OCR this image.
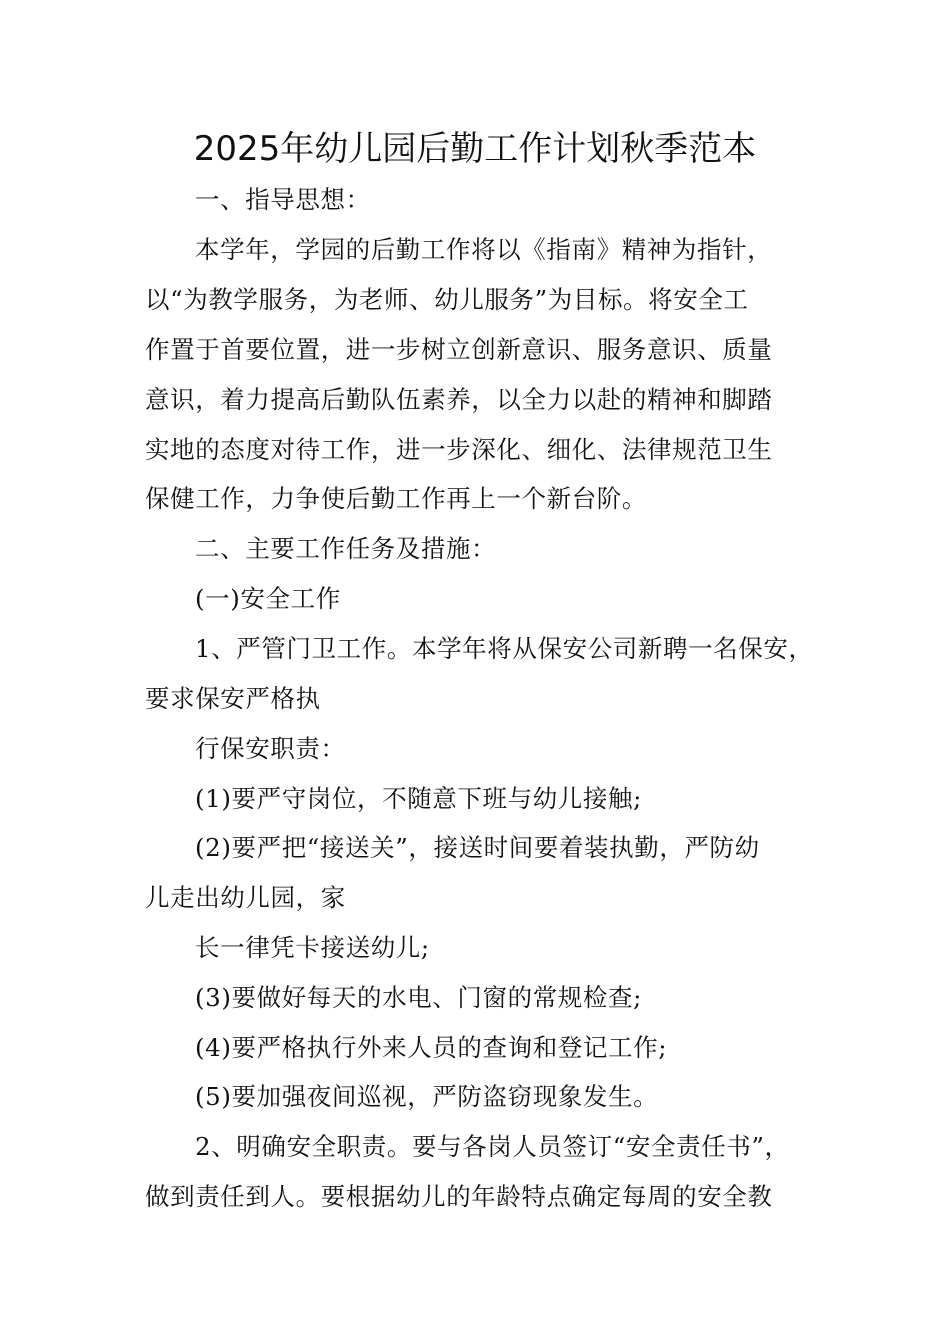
2025年幼儿园后勤工作计划秋季范本
一、指导思想：
本学年，学园的后勤工作将以《指南》精神为指针，
以“为教学服务，为老师、幼儿服务”为目标。将安全工
作置于首要位置，进一步树立创新意识、服务意识、质量
意识，着力提高后勤队伍素养，以全力以赴的精神和脚踏
实地的态度对待工作，进一步深化、细化、法律规范卫生
保健工作，力争使后勤工作再上一个新台阶。
二、主要工作任务及措施：
(一)安全工作
1、严管门卫工作。本学年将从保安公司新聘一名保安，
要求保安严格执
行保安职责：
(1)要严守岗位，不随意下班与幼儿接触;
(2)要严把“接送关”，接送时间要着装执勤，严防幼
儿走出幼儿园，家
长一律凭卡接送幼儿;
(3)要做好每天的水电、门窗的常规检查;
(4)要严格执行外来人员的查询和登记工作;
(5)要加强夜间巡视，严防盗窃现象发生。
2、明确安全职责。要与各岗人员签订“安全责任书”，
做到责任到人。要根据幼儿的年龄特点确定每周的安全教
